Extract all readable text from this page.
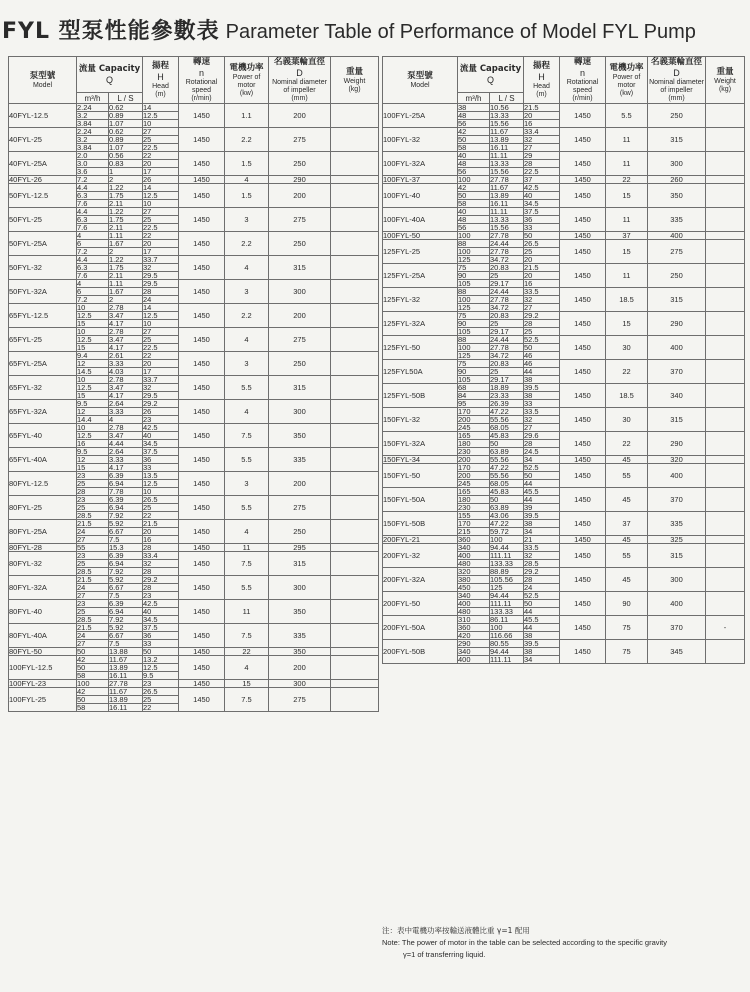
FYL 型泵性能參數表 Parameter Table of Performance of Model FYL Pump
泵型號
Model	流量 Capacity
Q		揚程
H
Head
(m)	轉速
n
Rotational speed
(r/min)	電機功率
Power of motor
(kw)	名義葉輪直徑
D
Nominal diameter of impeller
(mm)	重量
Weight
(kg)

	m³/h	L / S					
40FYL-12.5	2.24	0.62	14	1450	1.1	200	
	3.2	0.89	12.5				
	3.84	1.07	10				
40FYL-25	2.24	0.62	27	1450	2.2	275	
	3.2	0.89	25				
	3.84	1.07	22.5				
40FYL-25A	2.0	0.56	22	1450	1.5	250	
	3.0	0.83	20				
	3.6	1	17				
40FYL-26	7.2	2	26	1450	4	290	
50FYL-12.5	4.4	1.22	14	1450	1.5	200	
	6.3	1.75	12.5				
	7.6	2.11	10				
50FYL-25	4.4	1.22	27	1450	3	275	
	6.3	1.75	25				
	7.6	2.11	22.5				
50FYL-25A	4	1.11	22	1450	2.2	250	
	6	1.67	20				
	7.2	2	17				
50FYL-32	4.4	1.22	33.7	1450	4	315	
	6.3	1.75	32				
	7.6	2.11	29.5				
50FYL-32A	4	1.11	29.5	1450	3	300	
	6	1.67	28				
	7.2	2	24				
65FYL-12.5	10	2.78	14	1450	2.2	200	
	12.5	3.47	12.5				
	15	4.17	10				
65FYL-25	10	2.78	27	1450	4	275	
	12.5	3.47	25				
	15	4.17	22.5				
65FYL-25A	9.4	2.61	22	1450	3	250	
	12	3.33	20				
	14.5	4.03	17				
65FYL-32	10	2.78	33.7	1450	5.5	315	
	12.5	3.47	32				
	15	4.17	29.5				
65FYL-32A	9.5	2.64	29.2	1450	4	300	
	12	3.33	26				
	14.4	4	23				
65FYL-40	10	2.78	42.5	1450	7.5	350	
	12.5	3.47	40				
	16	4.44	34.5				
65FYL-40A	9.5	2.64	37.5	1450	5.5	335	
	12	3.33	36				
	15	4.17	33				
80FYL-12.5	23	6.39	13.5	1450	3	200	
	25	6.94	12.5				
	28	7.78	10				
80FYL-25	23	6.39	26.5	1450	5.5	275	
	25	6.94	25				
	28.5	7.92	22				
80FYL-25A	21.5	5.92	21.5	1450	4	250	
	24	6.67	20				
	27	7.5	16				
80FYL-28	55	15.3	28	1450	11	295	
80FYL-32	23	6.39	33.4	1450	7.5	315	
	25	6.94	32				
	28.5	7.92	28				
80FYL-32A	21.5	5.92	29.2	1450	5.5	300	
	24	6.67	28				
	27	7.5	23				
80FYL-40	23	6.39	42.5	1450	11	350	
	25	6.94	40				
	28.5	7.92	34.5				
80FYL-40A	21.5	5.92	37.5	1450	7.5	335	
	24	6.67	36				
	27	7.5	33				
80FYL-50	50	13.88	50	1450	22	350	
100FYL-12.5	42	11.67	13.2	1450	4	200	
	50	13.89	12.5				
	58	16.11	9.5				
100FYL-23	100	27.78	23	1450	15	300	
100FYL-25	42	11.67	26.5	1450	7.5	275	
	50	13.89	25				
	58	16.11	22				
泵型號
Model	流量 Capacity
Q		揚程
H
Head
(m)	轉速
n
Rotational speed
(r/min)	電機功率
Power of motor
(kw)	名義葉輪直徑
D
Nominal diameter of impeller
(mm)	重量
Weight
(kg)

	m³/h	L / S					
100FYL-25A	38	10.56	21.5	1450	5.5	250	
	48	13.33	20				
	56	15.56	16				
100FYL-32	42	11.67	33.4	1450	11	315	
	50	13.89	32				
	58	16.11	27				
100FYL-32A	40	11.11	29	1450	11	300	
	48	13.33	28				
	56	15.56	22.5				
100FYL-37	100	27.78	37	1450	22	260	
100FYL-40	42	11.67	42.5	1450	15	350	
	50	13.89	40				
	58	16.11	34.5				
100FYL-40A	40	11.11	37.5	1450	11	335	
	48	13.33	36				
	56	15.56	33				
100FYL-50	100	27.78	50	1450	37	400	
125FYL-25	88	24.44	26.5	1450	15	275	
	100	27.78	25				
	125	34.72	20				
125FYL-25A	75	20.83	21.5	1450	11	250	
	90	25	20				
	105	29.17	16				
125FYL-32	88	24.44	33.5	1450	18.5	315	
	100	27.78	32				
	125	34.72	27				
125FYL-32A	75	20.83	29.2	1450	15	290	
	90	25	28				
	105	29.17	25				
125FYL-50	88	24.44	52.5	1450	30	400	
	100	27.78	50				
	125	34.72	46				
125FYL50A	75	20.83	46	1450	22	370	
	90	25	44				
	105	29.17	38				
125FYL-50B	68	18.89	39.5	1450	18.5	340	
	84	23.33	38				
	95	26.39	33				
150FYL-32	170	47.22	33.5	1450	30	315	
	200	55.56	32				
	245	68.05	27				
150FYL-32A	165	45.83	29.6	1450	22	290	
	180	50	28				
	230	63.89	24.5				
150FYL-34	200	55.56	34	1450	45	320	
150FYL-50	170	47.22	52.5	1450	55	400	
	200	55.56	50				
	245	68.05	44				
150FYL-50A	165	45.83	45.5	1450	45	370	
	180	50	44				
	230	63.89	39				
150FYL-50B	155	43.06	39.5	1450	37	335	
	170	47.22	38				
	215	59.72	34				
200FYL-21	360	100	21	1450	45	325	
200FYL-32	340	94.44	33.5	1450	55	315	
	400	111.11	32				
	480	133.33	28.5				
200FYL-32A	320	88.89	29.2	1450	45	300	
	380	105.56	28				
	450	125	24				
200FYL-50	340	94.44	52.5	1450	90	400	
	400	111.11	50				
	480	133.33	44				
200FYL-50A	310	86.11	45.5	1450	75	370	-
	360	100	44				
	420	116.66	38				
200FYL-50B	290	80.55	39.5	1450	75	345	
	340	94.44	38				
	400	111.11	34				
注：表中電機功率按輸送液體比重 γ=1 配用
Note: The power of motor in the table can be selected according to the specific gravity
γ=1 of transferring liquid.
